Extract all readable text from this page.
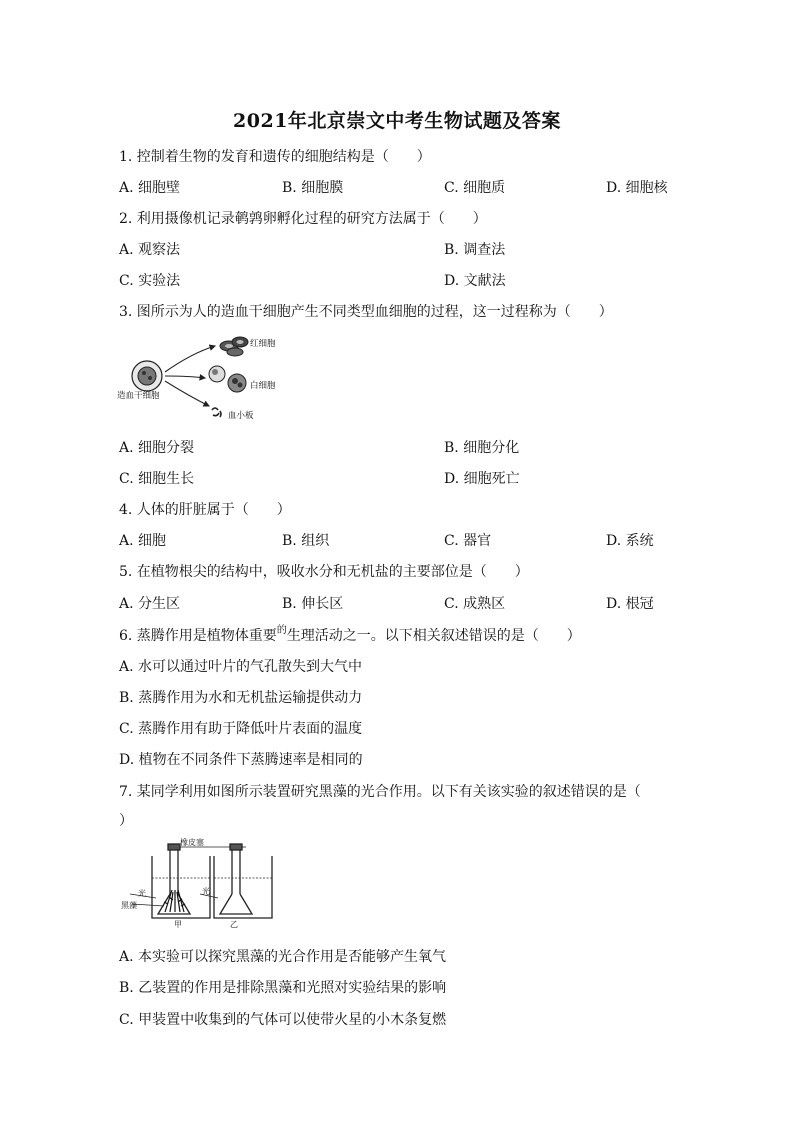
2021年北京崇文中考生物试题及答案
1. 控制着生物的发育和遗传的细胞结构是（　　）
A. 细胞壁	B. 细胞膜	C. 细胞质	D. 细胞核
2. 利用摄像机记录鹌鹑卵孵化过程的研究方法属于（　　）
A. 观察法	B. 调查法
C. 实验法	D. 文献法
3. 图所示为人的造血干细胞产生不同类型血细胞的过程，这一过程称为（　　）
造血干细胞
红细胞
白细胞
血小板
A. 细胞分裂	B. 细胞分化
C. 细胞生长	D. 细胞死亡
4. 人体的肝脏属于（　　）
A. 细胞	B. 组织	C. 器官	D. 系统
5. 在植物根尖的结构中，吸收水分和无机盐的主要部位是（　　）
A. 分生区	B. 伸长区	C. 成熟区	D. 根冠
6. 蒸腾作用是植物体重要$^的$生理活动之一。以下相关叙述错误的是（　　）
A. 水可以通过叶片的气孔散失到大气中
B. 蒸腾作用为水和无机盐运输提供动力
C. 蒸腾作用有助于降低叶片表面的温度
D. 植物在不同条件下蒸腾速率是相同的
7. 某同学利用如图所示装置研究黑藻的光合作用。以下有关该实验的叙述错误的是（
）
橡皮塞
光
黑藻
光
甲	乙
A. 本实验可以探究黑藻的光合作用是否能够产生氧气
B. 乙装置的作用是排除黑藻和光照对实验结果的影响
C. 甲装置中收集到的气体可以使带火星的小木条复燃
